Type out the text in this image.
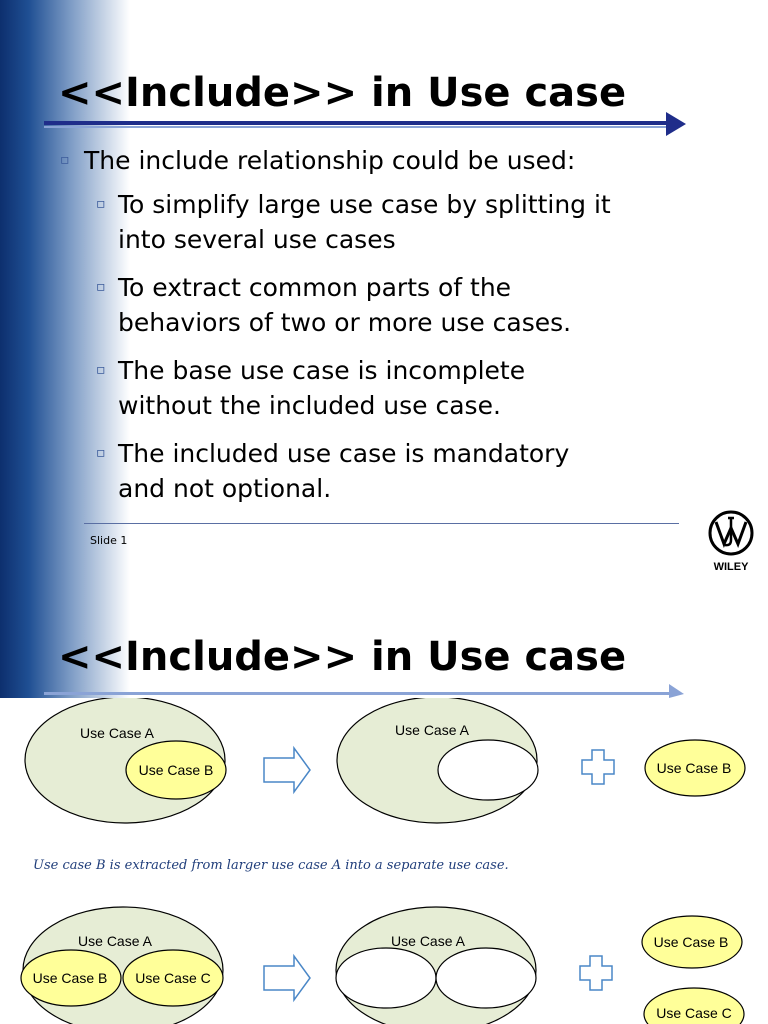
<<Include>> in Use case
▫ The include relationship could be used:
▫ To simplify large use case by splitting it
into several use cases
▫ To extract common parts of the
behaviors of two or more use cases.
▫ The base use case is incomplete
without the included use case.
▫ The included use case is mandatory
and not optional.
Slide 1
WILEY
<<Include>> in Use case
Use Case A
Use Case B
Use Case A
Use Case B
Use Case A
Use Case B Use Case C
Use Case A	Use Case B
Use Case C
Use case B is extracted from larger use case A into a separate use case.
